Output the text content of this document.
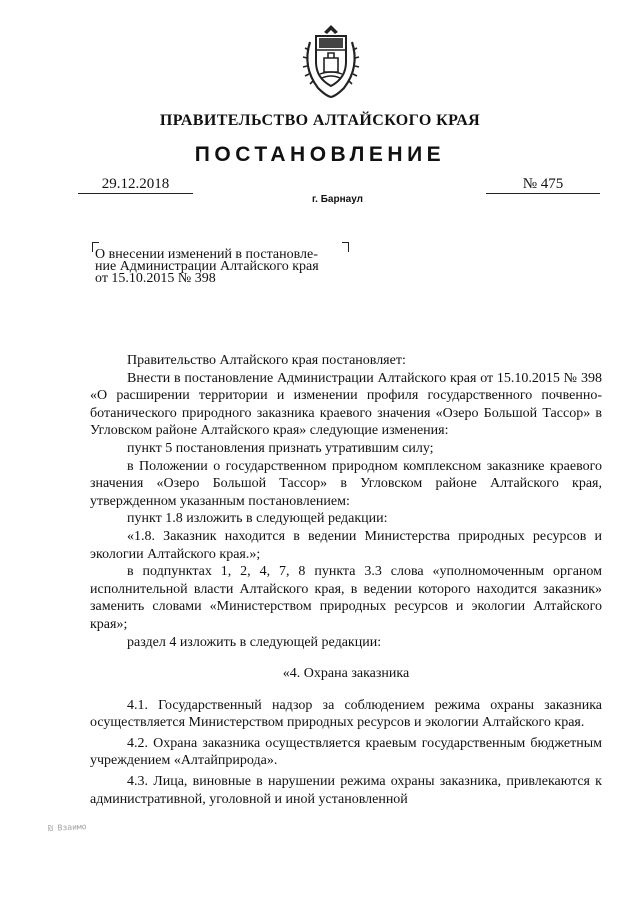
ПРАВИТЕЛЬСТВО АЛТАЙСКОГО КРАЯ
ПОСТАНОВЛЕНИЕ
29.12.2018	№ 475
г. Барнаул
О внесении изменений в постановле-
ние Администрации Алтайского края
от 15.10.2015 № 398

Правительство Алтайского края постановляет:

Внести в постановление Администрации Алтайского края от 15.10.2015 № 398 «О расширении территории и изменении профиля государственного почвенно-ботанического природного заказника краевого значения «Озеро Большой Тассор» в Угловском районе Алтайского края» следующие изменения:

пункт 5 постановления признать утратившим силу;

в Положении о государственном природном комплексном заказнике краевого значения «Озеро Большой Тассор» в Угловском районе Алтайского края, утвержденном указанным постановлением:

пункт 1.8 изложить в следующей редакции:

«1.8. Заказник находится в ведении Министерства природных ресурсов и экологии Алтайского края.»;

в подпунктах 1, 2, 4, 7, 8 пункта 3.3 слова «уполномоченным органом исполнительной власти Алтайского края, в ведении которого находится заказник» заменить словами «Министерством природных ресурсов и экологии Алтайского края»;

раздел 4 изложить в следующей редакции:

«4. Охрана заказника

4.1. Государственный надзор за соблюдением режима охраны заказника осуществляется Министерством природных ресурсов и экологии Алтайского края.

4.2. Охрана заказника осуществляется краевым государственным бюджетным учреждением «Алтайприрода».

4.3. Лица, виновные в нарушении режима охраны заказника, привлекаются к административной, уголовной и иной установленной

₪ Взаимо
